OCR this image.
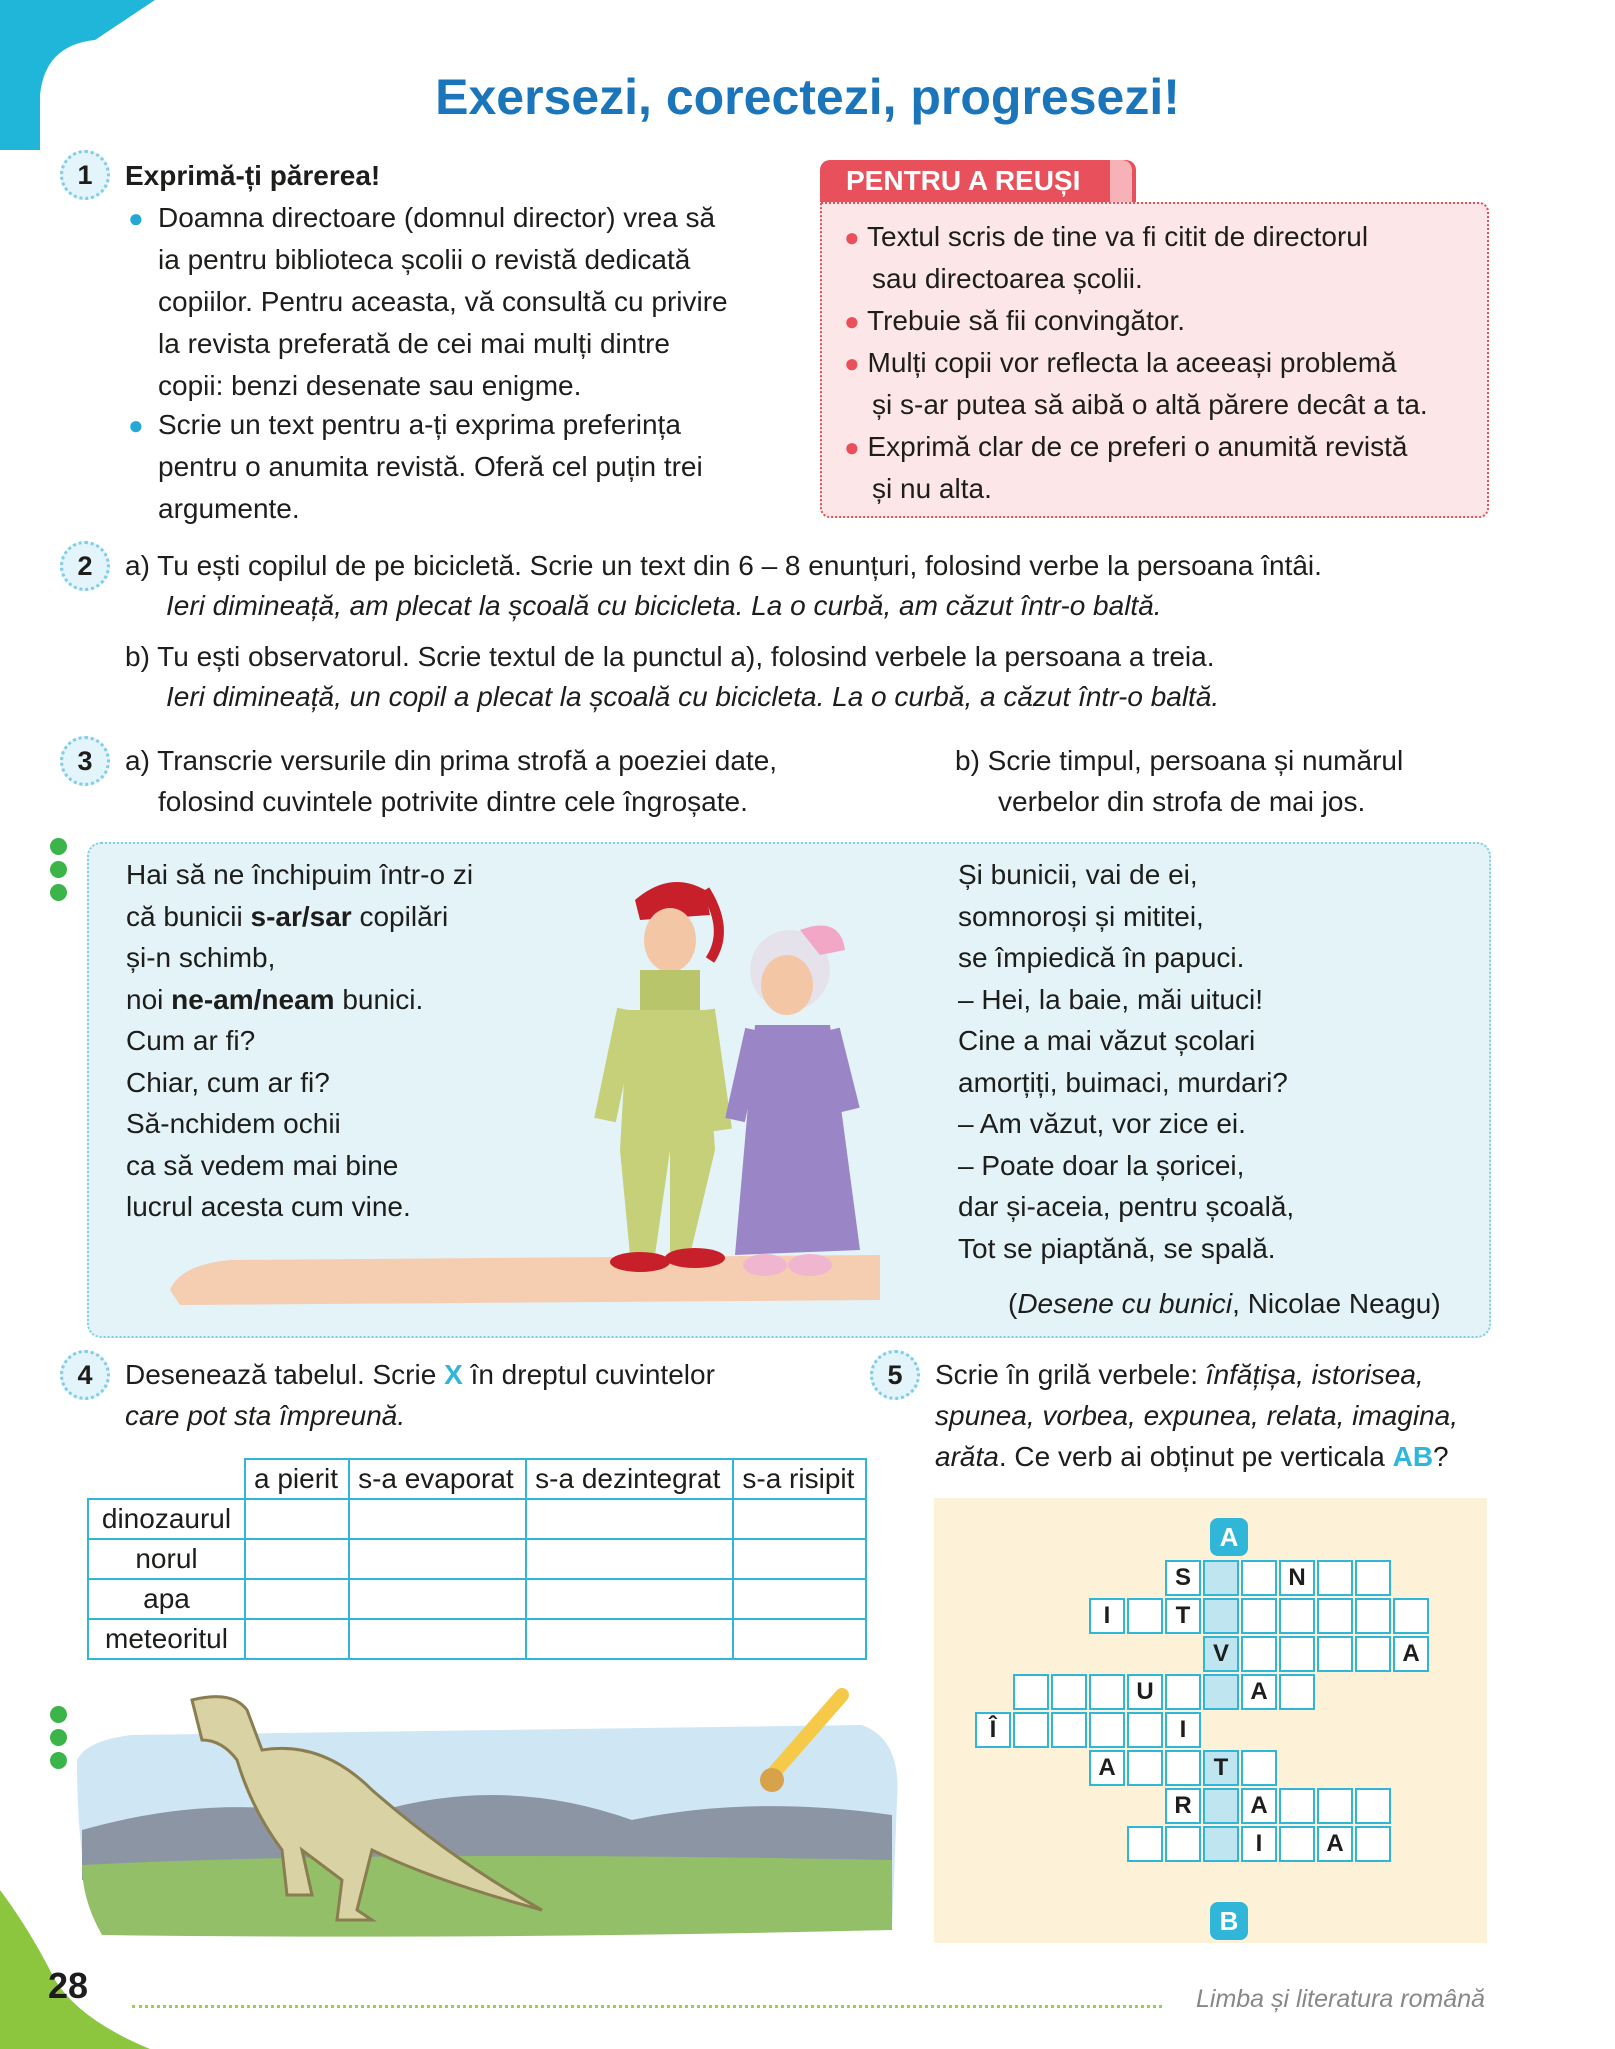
Exersezi, corectezi, progresezi!
1	Exprimă-ți părerea!
● Doamna directoare (domnul director) vrea să
ia pentru biblioteca școlii o revistă dedicată
copiilor. Pentru aceasta, vă consultă cu privire
la revista preferată de cei mai mulți dintre
copii: benzi desenate sau enigme.
● Scrie un text pentru a-ți exprima preferința
pentru o anumita revistă. Oferă cel puțin trei
argumente.
PENTRU A REUȘI
● Textul scris de tine va fi citit de directorul
sau directoarea școlii.
● Trebuie să fii convingător.
● Mulți copii vor reflecta la aceeași problemă
și s-ar putea să aibă o altă părere decât a ta.
● Exprimă clar de ce preferi o anumită revistă
și nu alta.
2	a) Tu ești copilul de pe bicicletă. Scrie un text din 6 – 8 enunțuri, folosind verbe la persoana întâi.
Ieri dimineață, am plecat la școală cu bicicleta. La o curbă, am căzut într-o baltă.
b) Tu ești observatorul. Scrie textul de la punctul a), folosind verbele la persoana a treia.
Ieri dimineață, un copil a plecat la școală cu bicicleta. La o curbă, a căzut într-o baltă.
3	a) Transcrie versurile din prima strofă a poeziei date,
folosind cuvintele potrivite dintre cele îngroșate.
b) Scrie timpul, persoana și numărul
verbelor din strofa de mai jos.
Hai să ne închipuim într-o zi
că bunicii s-ar/sar copilări
și-n schimb,
noi ne-am/neam bunici.
Cum ar fi?
Chiar, cum ar fi?
Să-nchidem ochii
ca să vedem mai bine
lucrul acesta cum vine.
Și bunicii, vai de ei,
somnoroși și mititei,
se împiedică în papuci.
– Hei, la baie, măi uituci!
Cine a mai văzut școlari
amorțiți, buimaci, murdari?
– Am văzut, vor zice ei.
– Poate doar la șoricei,
dar și-aceia, pentru școală,
Tot se piaptănă, se spală.
(Desene cu bunici, Nicolae Neagu)
4	Desenează tabelul. Scrie X în dreptul cuvintelor
care pot sta împreună.
	a pierit	s-a evaporat	s-a dezintegrat	s-a risipit
dinozaurul				
norul				
apa				
meteoritul				
5	Scrie în grilă verbele: înfățișa, istorisea,
spunea, vorbea, expunea, relata, imagina,
arăta. Ce verb ai obținut pe verticala AB?
A
B
S	N
I	T
V	A
U	A
Î	I
A	T
R	A
I	A
28	Limba și literatura română
